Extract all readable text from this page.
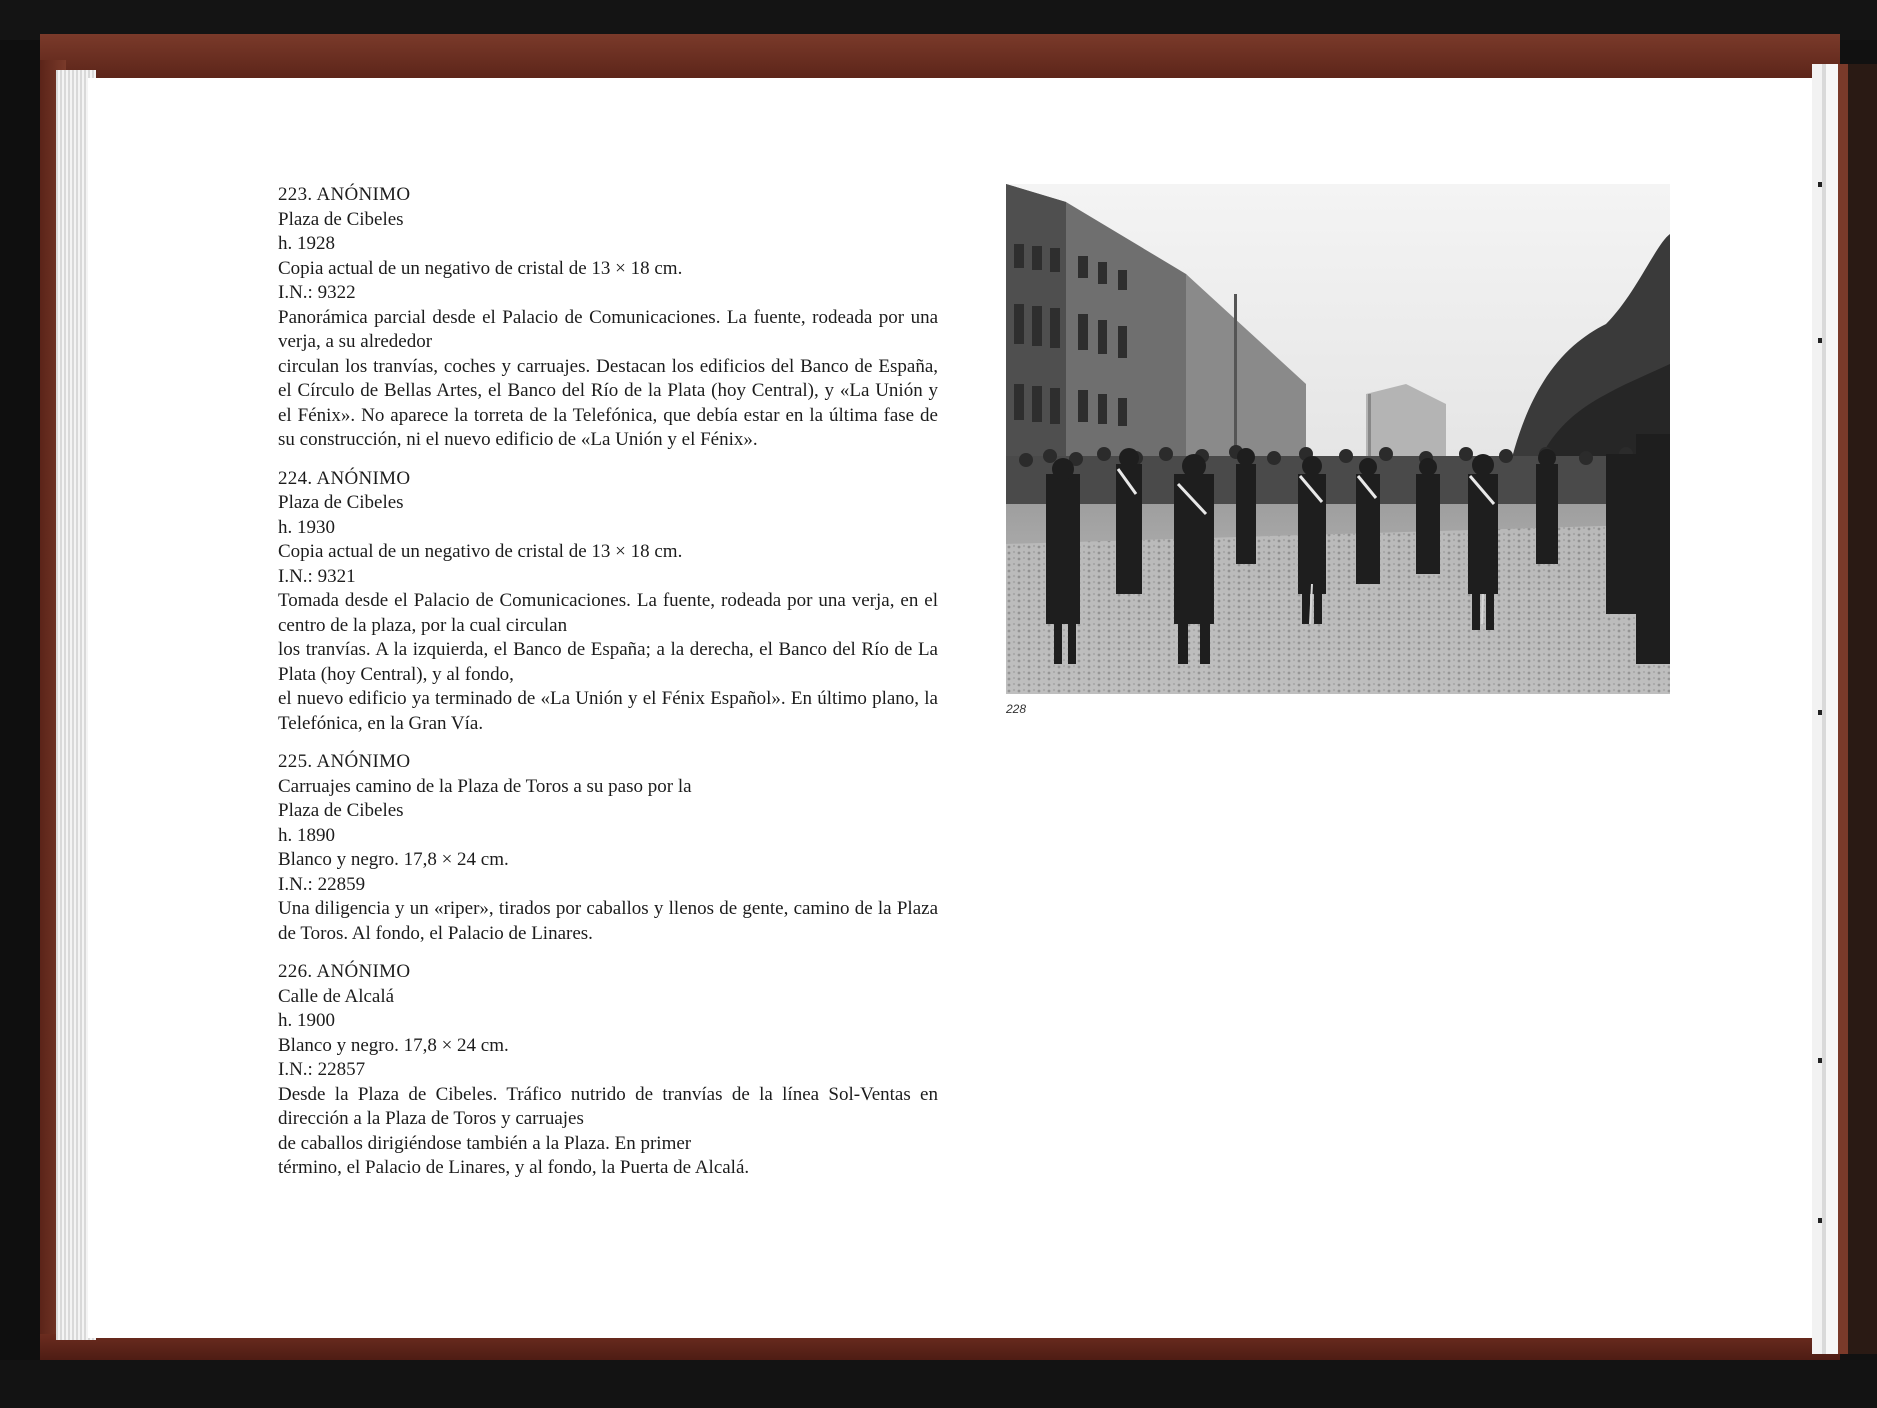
223. ANÓNIMO
Plaza de Cibeles
h. 1928
Copia actual de un negativo de cristal de 13 × 18 cm.
I.N.: 9322
Panorámica parcial desde el Palacio de Comunicaciones. La fuente, rodeada por una verja, a su alrededor
circulan los tranvías, coches y carruajes. Destacan los edificios del Banco de España, el Círculo de Bellas Artes, el Banco del Río de la Plata (hoy Central), y «La Unión y el Fénix». No aparece la torreta de la Telefónica, que debía estar en la última fase de su construcción, ni el nuevo edificio de «La Unión y el Fénix».
224. ANÓNIMO
Plaza de Cibeles
h. 1930
Copia actual de un negativo de cristal de 13 × 18 cm.
I.N.: 9321
Tomada desde el Palacio de Comunicaciones. La fuente, rodeada por una verja, en el centro de la plaza, por la cual circulan
los tranvías. A la izquierda, el Banco de España; a la derecha, el Banco del Río de La Plata (hoy Central), y al fondo,
el nuevo edificio ya terminado de «La Unión y el Fénix Español». En último plano, la Telefónica, en la Gran Vía.
225. ANÓNIMO
Carruajes camino de la Plaza de Toros a su paso por la
Plaza de Cibeles
h. 1890
Blanco y negro. 17,8 × 24 cm.
I.N.: 22859
Una diligencia y un «riper», tirados por caballos y llenos de gente, camino de la Plaza de Toros. Al fondo, el Palacio de Linares.
226. ANÓNIMO
Calle de Alcalá
h. 1900
Blanco y negro. 17,8 × 24 cm.
I.N.: 22857
Desde la Plaza de Cibeles. Tráfico nutrido de tranvías de la línea Sol-Ventas en dirección a la Plaza de Toros y carruajes
de caballos dirigiéndose también a la Plaza. En primer
término, el Palacio de Linares, y al fondo, la Puerta de Alcalá.
228
